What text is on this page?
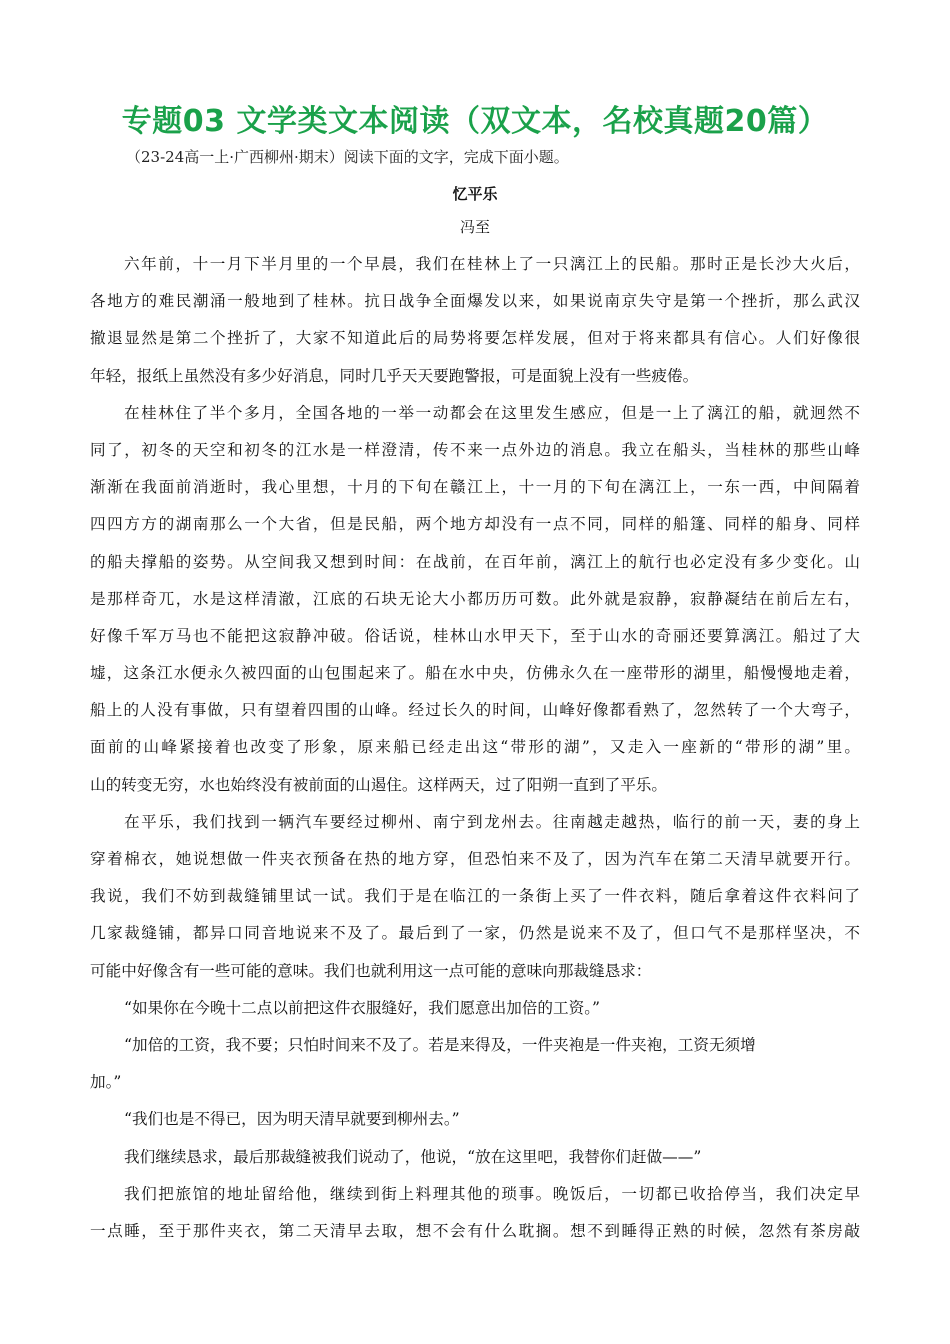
专题03 文学类文本阅读（双文本，名校真题20篇）
（23-24高一上·广西柳州·期末）阅读下面的文字，完成下面小题。
忆平乐
冯至
六年前，十一月下半月里的一个早晨，我们在桂林上了一只漓江上的民船。那时正是长沙大火后，
各地方的难民潮涌一般地到了桂林。抗日战争全面爆发以来，如果说南京失守是第一个挫折，那么武汉
撤退显然是第二个挫折了，大家不知道此后的局势将要怎样发展，但对于将来都具有信心。人们好像很
年轻，报纸上虽然没有多少好消息，同时几乎天天要跑警报，可是面貌上没有一些疲倦。
在桂林住了半个多月，全国各地的一举一动都会在这里发生感应，但是一上了漓江的船，就迥然不
同了，初冬的天空和初冬的江水是一样澄清，传不来一点外边的消息。我立在船头，当桂林的那些山峰
渐渐在我面前消逝时，我心里想，十月的下旬在赣江上，十一月的下旬在漓江上，一东一西，中间隔着
四四方方的湖南那么一个大省，但是民船，两个地方却没有一点不同，同样的船篷、同样的船身、同样
的船夫撑船的姿势。从空间我又想到时间：在战前，在百年前，漓江上的航行也必定没有多少变化。山
是那样奇兀，水是这样清澈，江底的石块无论大小都历历可数。此外就是寂静，寂静凝结在前后左右，
好像千军万马也不能把这寂静冲破。俗话说，桂林山水甲天下，至于山水的奇丽还要算漓江。船过了大
墟，这条江水便永久被四面的山包围起来了。船在水中央，仿佛永久在一座带形的湖里，船慢慢地走着，
船上的人没有事做，只有望着四围的山峰。经过长久的时间，山峰好像都看熟了，忽然转了一个大弯子，
面前的山峰紧接着也改变了形象，原来船已经走出这“带形的湖”，又走入一座新的“带形的湖”里。
山的转变无穷，水也始终没有被前面的山遏住。这样两天，过了阳朔一直到了平乐。
在平乐，我们找到一辆汽车要经过柳州、南宁到龙州去。往南越走越热，临行的前一天，妻的身上
穿着棉衣，她说想做一件夹衣预备在热的地方穿，但恐怕来不及了，因为汽车在第二天清早就要开行。
我说，我们不妨到裁缝铺里试一试。我们于是在临江的一条街上买了一件衣料，随后拿着这件衣料问了
几家裁缝铺，都异口同音地说来不及了。最后到了一家，仍然是说来不及了，但口气不是那样坚决，不
可能中好像含有一些可能的意味。我们也就利用这一点可能的意味向那裁缝恳求：
“如果你在今晚十二点以前把这件衣服缝好，我们愿意出加倍的工资。”
“加倍的工资，我不要；只怕时间来不及了。若是来得及，一件夹袍是一件夹袍，工资无须增
加。”
“我们也是不得已，因为明天清早就要到柳州去。”
我们继续恳求，最后那裁缝被我们说动了，他说，“放在这里吧，我替你们赶做——”
我们把旅馆的地址留给他，继续到街上料理其他的琐事。晚饭后，一切都已收拾停当，我们决定早
一点睡，至于那件夹衣，第二天清早去取，想不会有什么耽搁。想不到睡得正熟的时候，忽然有茶房敲
